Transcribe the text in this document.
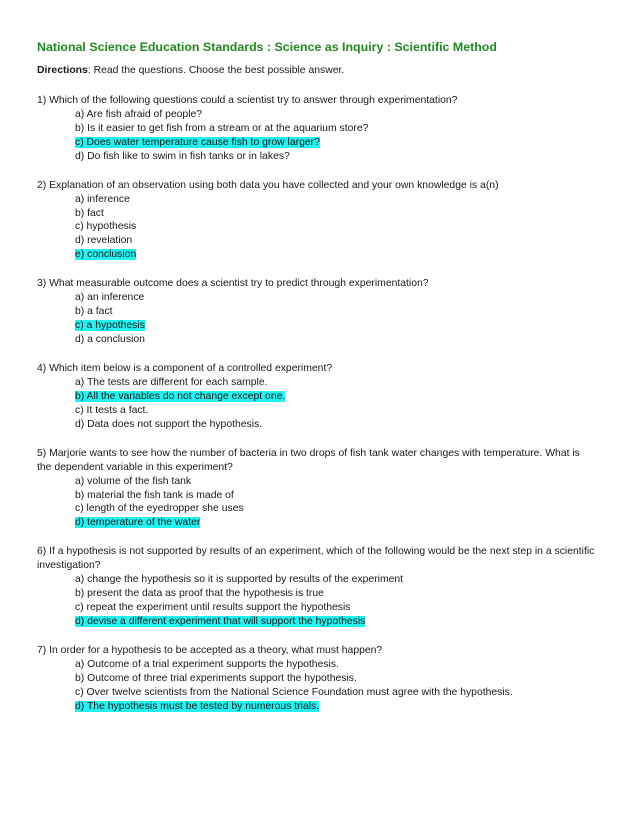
National Science Education Standards : Science as Inquiry : Scientific Method
Directions: Read the questions. Choose the best possible answer.
1) Which of the following questions could a scientist try to answer through experimentation?
a) Are fish afraid of people?
b) Is it easier to get fish from a stream or at the aquarium store?
c) Does water temperature cause fish to grow larger?
d) Do fish like to swim in fish tanks or in lakes?
2) Explanation of an observation using both data you have collected and your own knowledge is a(n)
a) inference
b) fact
c) hypothesis
d) revelation
e) conclusion
3) What measurable outcome does a scientist try to predict through experimentation?
a) an inference
b) a fact
c) a hypothesis
d) a conclusion
4) Which item below is a component of a controlled experiment?
a) The tests are different for each sample.
b) All the variables do not change except one.
c) It tests a fact.
d) Data does not support the hypothesis.
5) Marjorie wants to see how the number of bacteria in two drops of fish tank water changes with temperature. What is the dependent variable in this experiment?
a) volume of the fish tank
b) material the fish tank is made of
c) length of the eyedropper she uses
d) temperature of the water
6) If a hypothesis is not supported by results of an experiment, which of the following would be the next step in a scientific investigation?
a) change the hypothesis so it is supported by results of the experiment
b) present the data as proof that the hypothesis is true
c) repeat the experiment until results support the hypothesis
d) devise a different experiment that will support the hypothesis
7) In order for a hypothesis to be accepted as a theory, what must happen?
a) Outcome of a trial experiment supports the hypothesis.
b) Outcome of three trial experiments support the hypothesis.
c) Over twelve scientists from the National Science Foundation must agree with the hypothesis.
d) The hypothesis must be tested by numerous trials.
